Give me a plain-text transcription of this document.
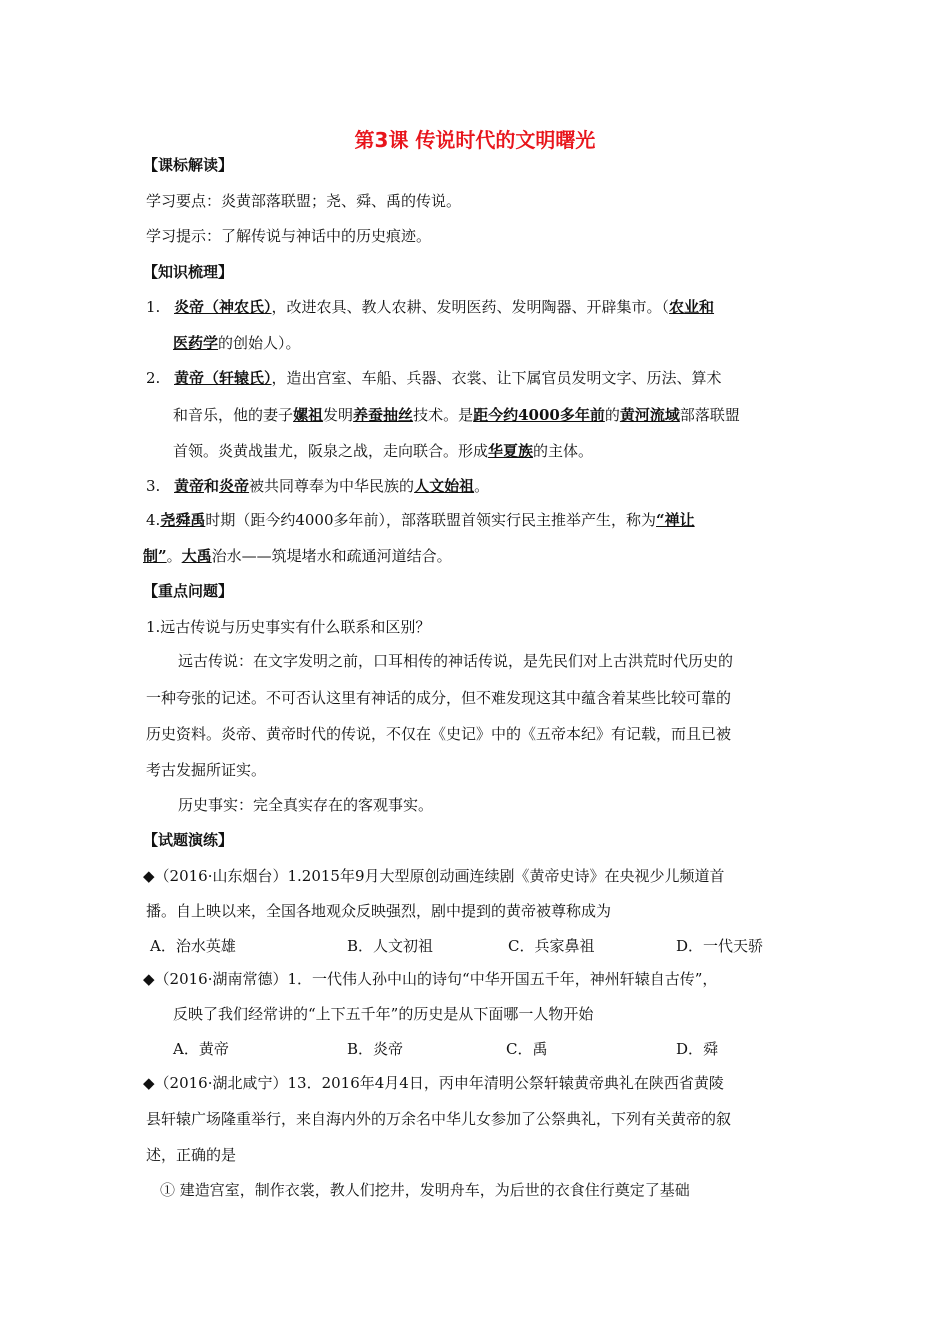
第3课 传说时代的文明曙光
【课标解读】
学习要点：炎黄部落联盟；尧、舜、禹的传说。
学习提示：了解传说与神话中的历史痕迹。
【知识梳理】
1. 炎帝（神农氏），改进农具、教人农耕、发明医药、发明陶器、开辟集市。（农业和
医药学的创始人）。
2. 黄帝（轩辕氏），造出宫室、车船、兵器、衣裳、让下属官员发明文字、历法、算术
和音乐，他的妻子嫘祖发明养蚕抽丝技术。是距今约4000多年前的黄河流域部落联盟
首领。炎黄战蚩尤，阪泉之战，走向联合。形成华夏族的主体。
3. 黄帝和炎帝被共同尊奉为中华民族的人文始祖。
4.尧舜禹时期（距今约4000多年前），部落联盟首领实行民主推举产生，称为“禅让
制”。大禹治水——筑堤堵水和疏通河道结合。
【重点问题】
1.远古传说与历史事实有什么联系和区别？
远古传说：在文字发明之前，口耳相传的神话传说，是先民们对上古洪荒时代历史的
一种夸张的记述。不可否认这里有神话的成分，但不难发现这其中蕴含着某些比较可靠的
历史资料。炎帝、黄帝时代的传说，不仅在《史记》中的《五帝本纪》有记载，而且已被
考古发掘所证实。
历史事实：完全真实存在的客观事实。
【试题演练】
◆（2016·山东烟台）1.2015年9月大型原创动画连续剧《黄帝史诗》在央视少儿频道首
播。自上映以来，全国各地观众反映强烈，剧中提到的黄帝被尊称成为
A．治水英雄	B．人文初祖	C．兵家鼻祖	D．一代天骄
◆（2016·湖南常德）1．一代伟人孙中山的诗句“中华开国五千年，神州轩辕自古传”，
反映了我们经常讲的“上下五千年”的历史是从下面哪一人物开始
A．黄帝	B．炎帝	C．禹	D．舜
◆（2016·湖北咸宁）13．2016年4月4日，丙申年清明公祭轩辕黄帝典礼在陕西省黄陵
县轩辕广场隆重举行，来自海内外的万余名中华儿女参加了公祭典礼，下列有关黄帝的叙
述，正确的是
① 建造宫室，制作衣裳，教人们挖井，发明舟车，为后世的衣食住行奠定了基础
